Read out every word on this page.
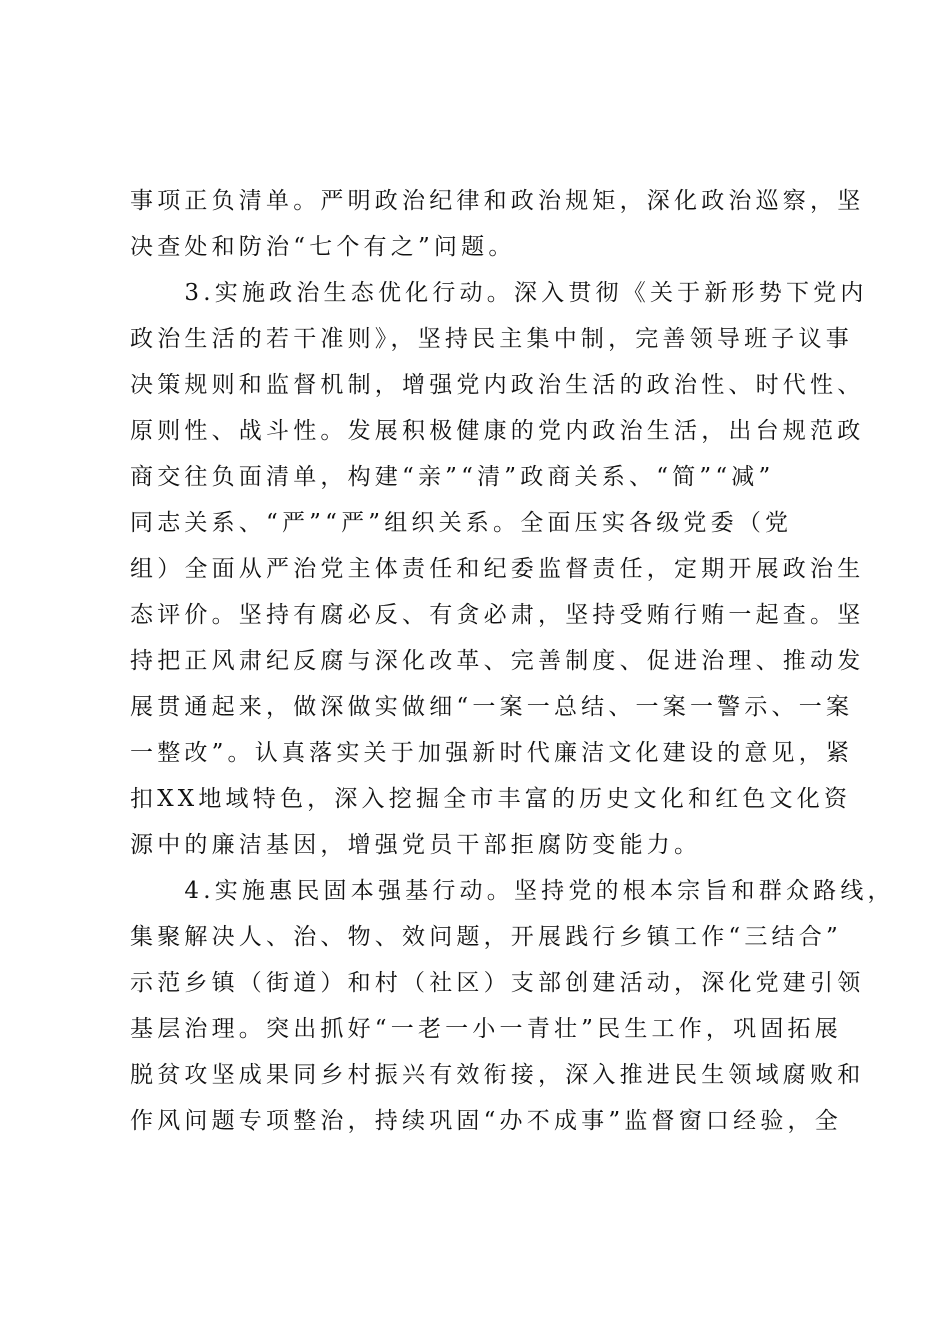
事项正负清单。严明政治纪律和政治规矩，深化政治巡察，坚
决查处和防治“七个有之”问题。
　　3.实施政治生态优化行动。深入贯彻《关于新形势下党内
政治生活的若干准则》，坚持民主集中制，完善领导班子议事
决策规则和监督机制，增强党内政治生活的政治性、时代性、
原则性、战斗性。发展积极健康的党内政治生活，出台规范政
商交往负面清单，构建“亲”“清”政商关系、“简”“减”
同志关系、“严”“严”组织关系。全面压实各级党委（党
组）全面从严治党主体责任和纪委监督责任，定期开展政治生
态评价。坚持有腐必反、有贪必肃，坚持受贿行贿一起查。坚
持把正风肃纪反腐与深化改革、完善制度、促进治理、推动发
展贯通起来，做深做实做细“一案一总结、一案一警示、一案
一整改”。认真落实关于加强新时代廉洁文化建设的意见，紧
扣XX地域特色，深入挖掘全市丰富的历史文化和红色文化资
源中的廉洁基因，增强党员干部拒腐防变能力。
　　4.实施惠民固本强基行动。坚持党的根本宗旨和群众路线，
集聚解决人、治、物、效问题，开展践行乡镇工作“三结合”
示范乡镇（街道）和村（社区）支部创建活动，深化党建引领
基层治理。突出抓好“一老一小一青壮”民生工作，巩固拓展
脱贫攻坚成果同乡村振兴有效衔接，深入推进民生领域腐败和
作风问题专项整治，持续巩固“办不成事”监督窗口经验，全
